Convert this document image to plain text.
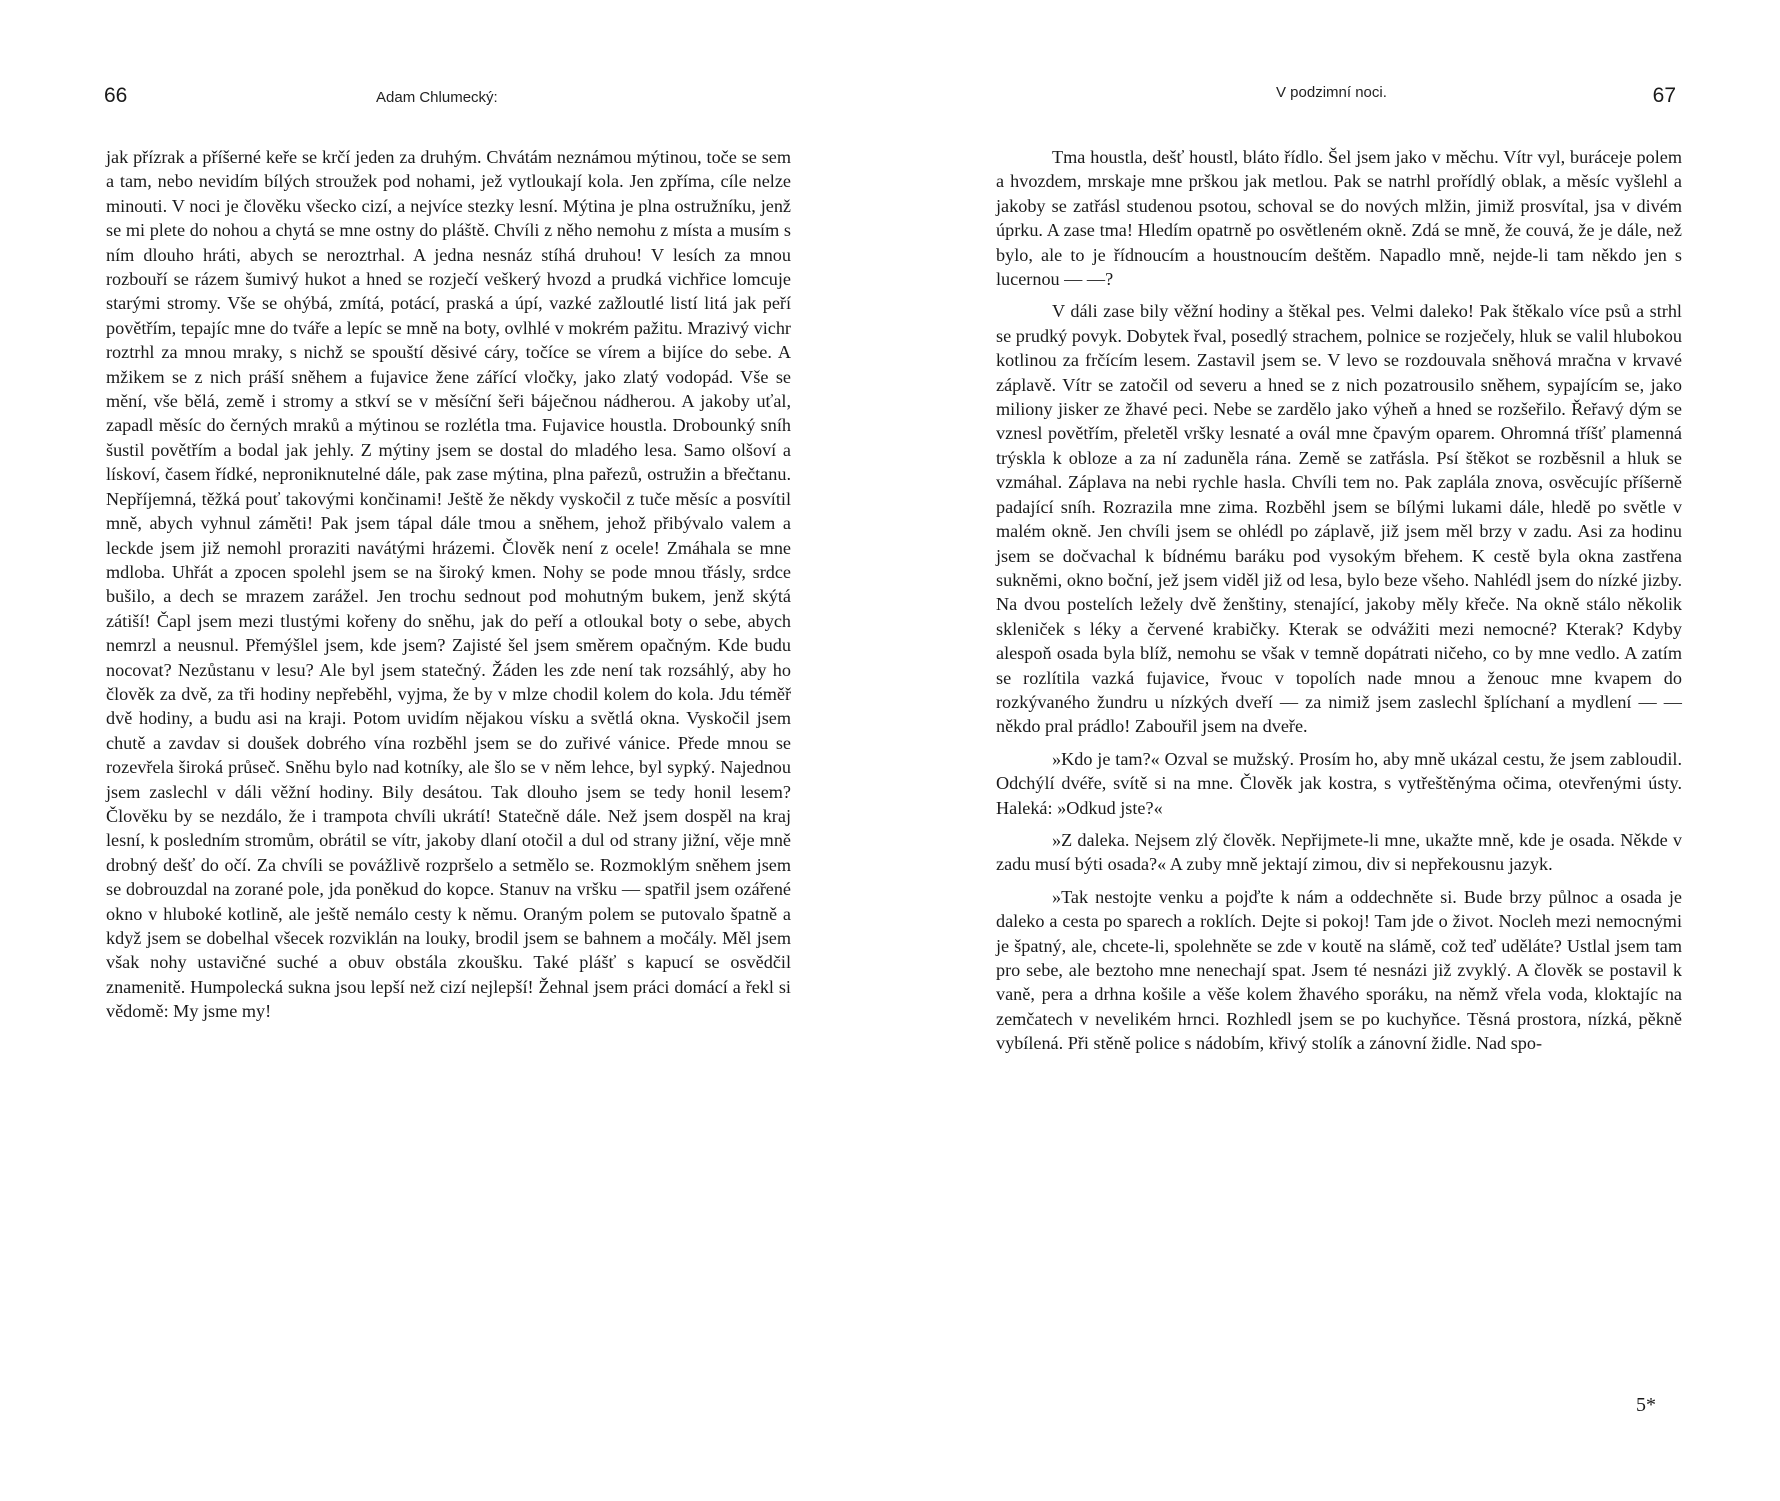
66	Adam Chlumecký:

jak přízrak a příšerné keře se krčí jeden za druhým. Chvátám neznámou mýtinou, toče se sem a tam, nebo nevidím bílých stroužek pod nohami, jež vytloukají kola. Jen zpříma, cíle nelze minouti. V noci je člověku všecko cizí, a nejvíce stezky lesní. Mýtina je plna ostružníku, jenž se mi plete do nohou a chytá se mne ostny do pláště. Chvíli z něho nemohu z místa a musím s ním dlouho hráti, abych se neroztrhal. A jedna nesnáz stíhá druhou! V lesích za mnou rozbouří se rázem šumivý hukot a hned se rozječí veškerý hvozd a prudká vichřice lomcuje starými stromy. Vše se ohýbá, zmítá, potácí, praská a úpí, vazké zažloutlé listí litá jak peří povětřím, tepajíc mne do tváře a lepíc se mně na boty, ovlhlé v mokrém pažitu. Mrazivý vichr roztrhl za mnou mraky, s nichž se spouští děsivé cáry, točíce se vírem a bijíce do sebe. A mžikem se z nich práší sněhem a fujavice žene zářící vločky, jako zlatý vodopád. Vše se mění, vše bělá, země i stromy a stkví se v měsíční šeři báječnou nádherou. A jakoby uťal, zapadl měsíc do černých mraků a mýtinou se rozlétla tma. Fujavice houstla. Drobounký sníh šustil povětřím a bodal jak jehly. Z mýtiny jsem se dostal do mladého lesa. Samo olšoví a lískoví, časem řídké, neproniknutelné dále, pak zase mýtina, plna pařezů, ostružin a břečtanu. Nepříjemná, těžká pouť takovými končinami! Ještě že někdy vyskočil z tuče měsíc a posvítil mně, abych vyhnul záměti! Pak jsem tápal dále tmou a sněhem, jehož přibývalo valem a leckde jsem již nemohl proraziti navátými hrázemi. Člověk není z ocele! Zmáhala se mne mdloba. Uhřát a zpocen spolehl jsem se na široký kmen. Nohy se pode mnou třásly, srdce bušilo, a dech se mrazem zarážel. Jen trochu sednout pod mohutným bukem, jenž skýtá zátiší! Čapl jsem mezi tlustými kořeny do sněhu, jak do peří a otloukal boty o sebe, abych nemrzl a neusnul. Přemýšlel jsem, kde jsem? Zajisté šel jsem směrem opačným. Kde budu nocovat? Nezůstanu v lesu? Ale byl jsem statečný. Žáden les zde není tak rozsáhlý, aby ho člověk za dvě, za tři hodiny nepřeběhl, vyjma, že by v mlze chodil kolem do kola. Jdu téměř dvě hodiny, a budu asi na kraji. Potom uvidím nějakou vísku a světlá okna. Vyskočil jsem chutě a zavdav si doušek dobrého vína rozběhl jsem se do zuřivé vánice. Přede mnou se rozevřela široká průseč. Sněhu bylo nad kotníky, ale šlo se v něm lehce, byl sypký. Najednou jsem zaslechl v dáli věžní hodiny. Bily desátou. Tak dlouho jsem se tedy honil lesem? Člověku by se nezdálo, že i trampota chvíli ukrátí! Statečně dále. Než jsem dospěl na kraj lesní, k posledním stromům, obrátil se vítr, jakoby dlaní otočil a dul od strany jižní, věje mně drobný dešť do očí. Za chvíli se povážlivě rozpršelo a setmělo se. Rozmoklým sněhem jsem se dobrouzdal na zorané pole, jda poněkud do kopce. Stanuv na vršku — spatřil jsem ozářené okno v hluboké kotlině, ale ještě nemálo cesty k němu. Oraným polem se putovalo špatně a když jsem se dobelhal všecek rozviklán na louky, brodil jsem se bahnem a močály. Měl jsem však nohy ustavičné suché a obuv obstála zkoušku. Také plášť s kapucí se osvědčil znamenitě. Humpolecká sukna jsou lepší než cizí nejlepší! Žehnal jsem práci domácí a řekl si vědomě: My jsme my!

V podzimní noci.	67

Tma houstla, dešť houstl, bláto řídlo. Šel jsem jako v měchu. Vítr vyl, buráceje polem a hvozdem, mrskaje mne prškou jak metlou. Pak se natrhl prořídlý oblak, a měsíc vyšlehl a jakoby se zatřásl studenou psotou, schoval se do nových mlžin, jimiž prosvítal, jsa v divém úprku. A zase tma! Hledím opatrně po osvětleném okně. Zdá se mně, že couvá, že je dále, než bylo, ale to je řídnoucím a houstnoucím deštěm. Napadlo mně, nejde-li tam někdo jen s lucernou — —?

V dáli zase bily věžní hodiny a štěkal pes. Velmi daleko! Pak štěkalo více psů a strhl se prudký povyk. Dobytek řval, posedlý strachem, polnice se rozječely, hluk se valil hlubokou kotlinou za frčícím lesem. Zastavil jsem se. V levo se rozdouvala sněhová mračna v krvavé záplavě. Vítr se zatočil od severu a hned se z nich pozatrousilo sněhem, sypajícím se, jako miliony jisker ze žhavé peci. Nebe se zardělo jako výheň a hned se rozšeřilo. Řeřavý dým se vznesl povětřím, přeletěl vršky lesnaté a ovál mne čpavým oparem. Ohromná tříšť plamenná trýskla k obloze a za ní zaduněla rána. Země se zatřásla. Psí štěkot se rozběsnil a hluk se vzmáhal. Záplava na nebi rychle hasla. Chvíli tem no. Pak zaplála znova, osvěcujíc příšerně padající sníh. Rozrazila mne zima. Rozběhl jsem se bílými lukami dále, hledě po světle v malém okně. Jen chvíli jsem se ohlédl po záplavě, již jsem měl brzy v zadu. Asi za hodinu jsem se dočvachal k bídnému baráku pod vysokým břehem. K cestě byla okna zastřena sukněmi, okno boční, jež jsem viděl již od lesa, bylo beze všeho. Nahlédl jsem do nízké jizby. Na dvou postelích ležely dvě ženštiny, stenající, jakoby měly křeče. Na okně stálo několik skleniček s léky a červené krabičky. Kterak se odvážiti mezi nemocné? Kterak? Kdyby alespoň osada byla blíž, nemohu se však v temně dopátrati ničeho, co by mne vedlo. A zatím se rozlítila vazká fujavice, řvouc v topolích nade mnou a ženouc mne kvapem do rozkývaného žundru u nízkých dveří — za nimiž jsem zaslechl šplíchaní a mydlení — — někdo pral prádlo! Zabouřil jsem na dveře.

»Kdo je tam?« Ozval se mužský. Prosím ho, aby mně ukázal cestu, že jsem zabloudil. Odchýlí dvéře, svítě si na mne. Člověk jak kostra, s vytřeštěnýma očima, otevřenými ústy. Haleká: »Odkud jste?«

»Z daleka. Nejsem zlý člověk. Nepřijmete-li mne, ukažte mně, kde je osada. Někde v zadu musí býti osada?« A zuby mně jektají zimou, div si nepřekousnu jazyk.

»Tak nestojte venku a pojďte k nám a oddechněte si. Bude brzy půlnoc a osada je daleko a cesta po sparech a roklích. Dejte si pokoj! Tam jde o život. Nocleh mezi nemocnými je špatný, ale, chcete-li, spolehněte se zde v koutě na slámě, což teď uděláte? Ustlal jsem tam pro sebe, ale beztoho mne nenechají spat. Jsem té nesnázi již zvyklý. A člověk se postavil k vaně, pera a drhna košile a věše kolem žhavého sporáku, na němž vřela voda, kloktajíc na zemčatech v nevelikém hrnci. Rozhledl jsem se po kuchyňce. Těsná prostora, nízká, pěkně vybílená. Při stěně police s nádobím, křivý stolík a zánovní židle. Nad spo-

5*
